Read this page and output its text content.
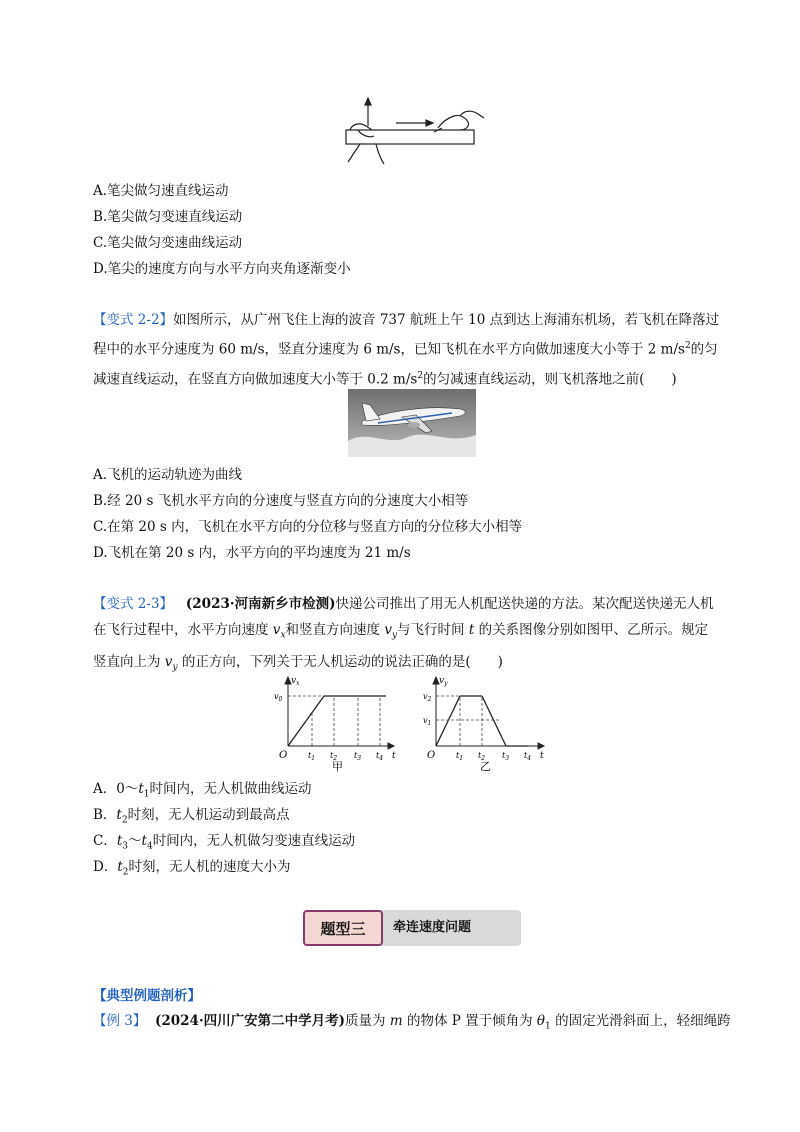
A.笔尖做匀速直线运动
B.笔尖做匀变速直线运动
C.笔尖做匀变速曲线运动
D.笔尖的速度方向与水平方向夹角逐渐变小
【变式 2-2】如图所示，从广州飞住上海的波音 737 航班上午 10 点到达上海浦东机场，若飞机在降落过
程中的水平分速度为 60 m/s，竖直分速度为 6 m/s，已知飞机在水平方向做加速度大小等于 2 $m/s^2$的匀
减速直线运动，在竖直方向做加速度大小等于 0.2 $m/s^2$的匀减速直线运动，则飞机落地之前(　　)
A.飞机的运动轨迹为曲线
B.经 20 s 飞机水平方向的分速度与竖直方向的分速度大小相等
C.在第 20 s 内，飞机在水平方向的分位移与竖直方向的分位移大小相等
D.飞机在第 20 s 内，水平方向的平均速度为 21 m/s
【变式 2-3】 (2023·河南新乡市检测)快递公司推出了用无人机配送快递的方法。某次配送快递无人机
在飞行过程中，水平方向速度 $v_x$和竖直方向速度 $v_y$与飞行时间 t 的关系图像分别如图甲、乙所示。规定
竖直向上为 $v_y$ 的正方向，下列关于无人机运动的说法正确的是(　　)
$v_x$
$v_0$
O	$t_1$ $t_2$ $t_3$ $t_4$ t
甲
$v_y$
$v_2$
$v_1$
O	$t_1$ $t_2$ $t_3$ $t_4$ t
乙
A．$0\sim t_1$时间内，无人机做曲线运动
B．$t_2$时刻，无人机运动到最高点
C．$t_3\sim t_4$时间内，无人机做匀变速直线运动
D．$t_2$时刻，无人机的速度大小为
题型三	牵连速度问题
【典型例题剖析】
【例 3】 (2024·四川广安第二中学月考)质量为 m 的物体 P 置于倾角为 $\theta_1$ 的固定光滑斜面上，轻细绳跨
